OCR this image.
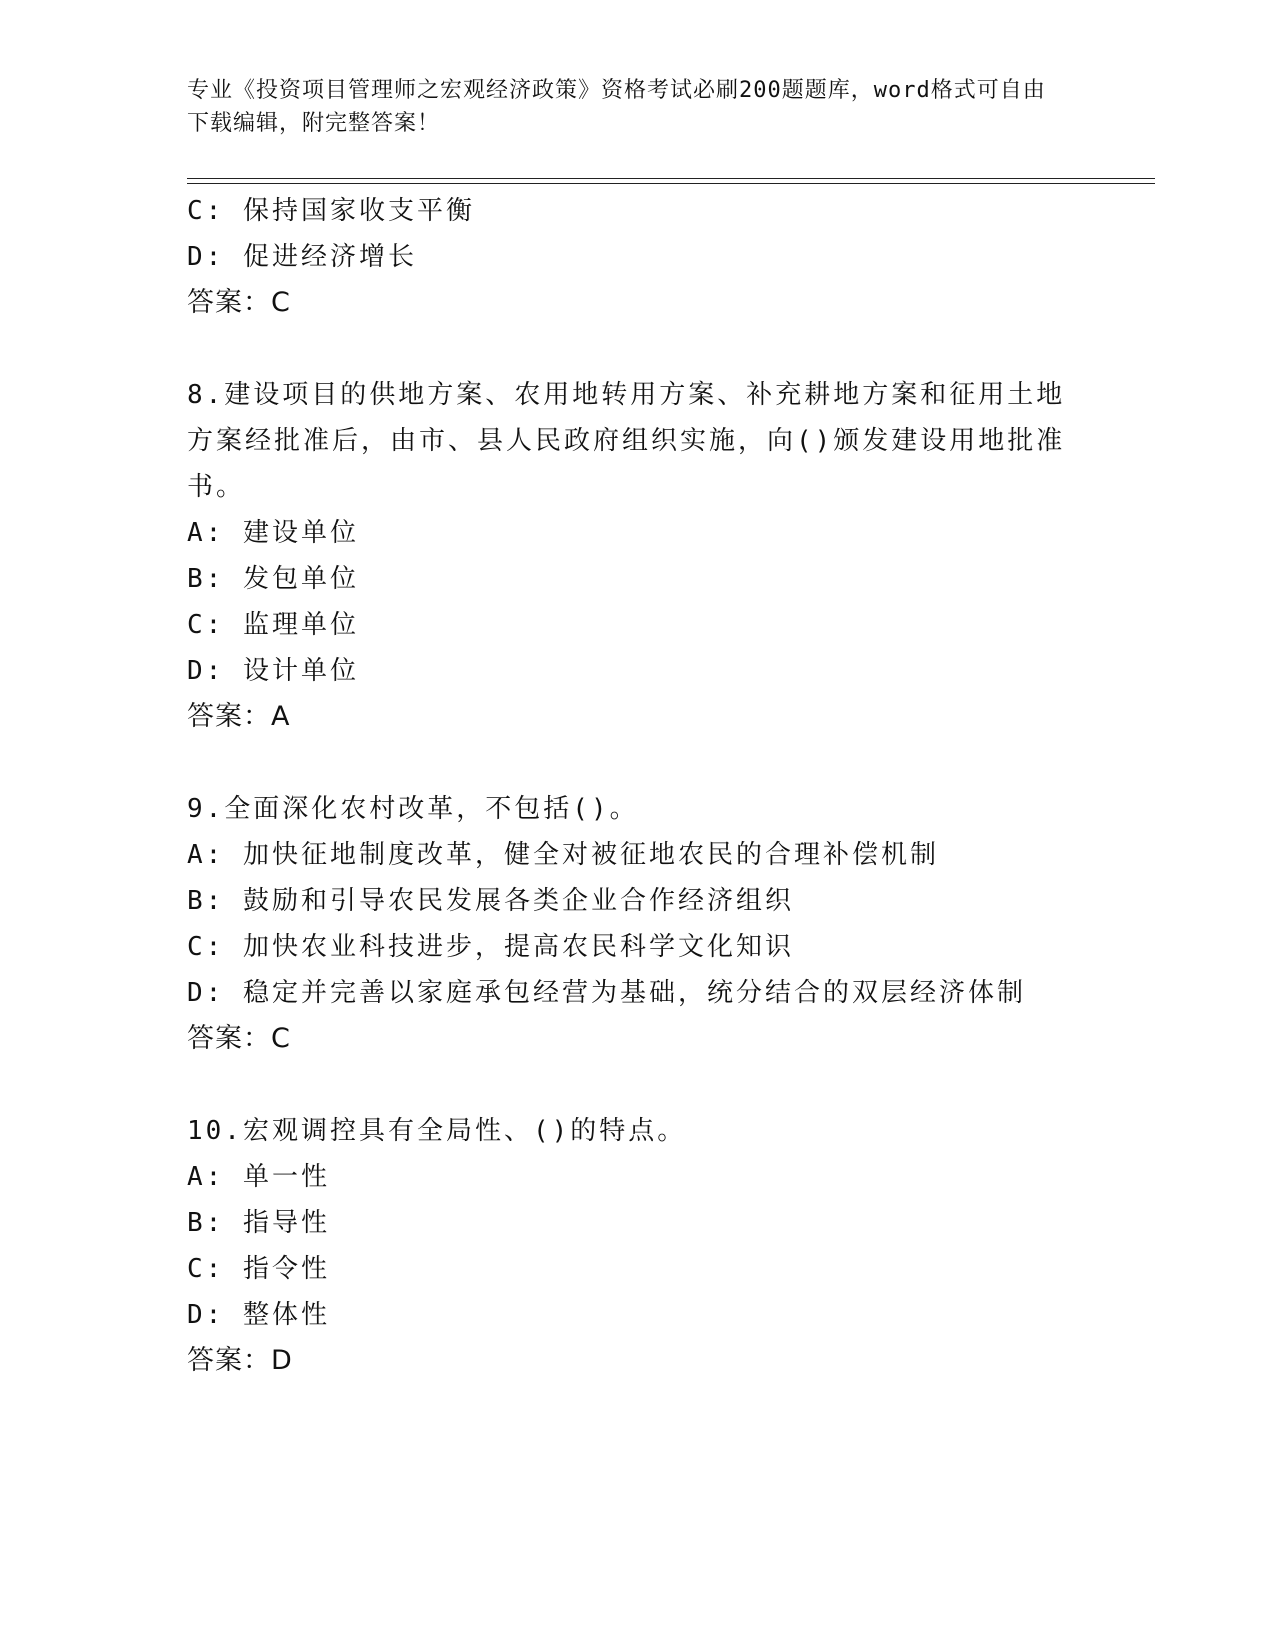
专业《投资项目管理师之宏观经济政策》资格考试必刷200题题库，word格式可自由下载编辑，附完整答案！

C: 保持国家收支平衡

D: 促进经济增长

答案：C

8.建设项目的供地方案、农用地转用方案、补充耕地方案和征用土地方案经批准后，由市、县人民政府组织实施，向()颁发建设用地批准书。

A: 建设单位

B: 发包单位

C: 监理单位

D: 设计单位

答案：A

9.全面深化农村改革，不包括()。

A: 加快征地制度改革，健全对被征地农民的合理补偿机制

B: 鼓励和引导农民发展各类企业合作经济组织

C: 加快农业科技进步，提高农民科学文化知识

D: 稳定并完善以家庭承包经营为基础，统分结合的双层经济体制

答案：C

10.宏观调控具有全局性、()的特点。

A: 单一性

B: 指导性

C: 指令性

D: 整体性

答案：D
